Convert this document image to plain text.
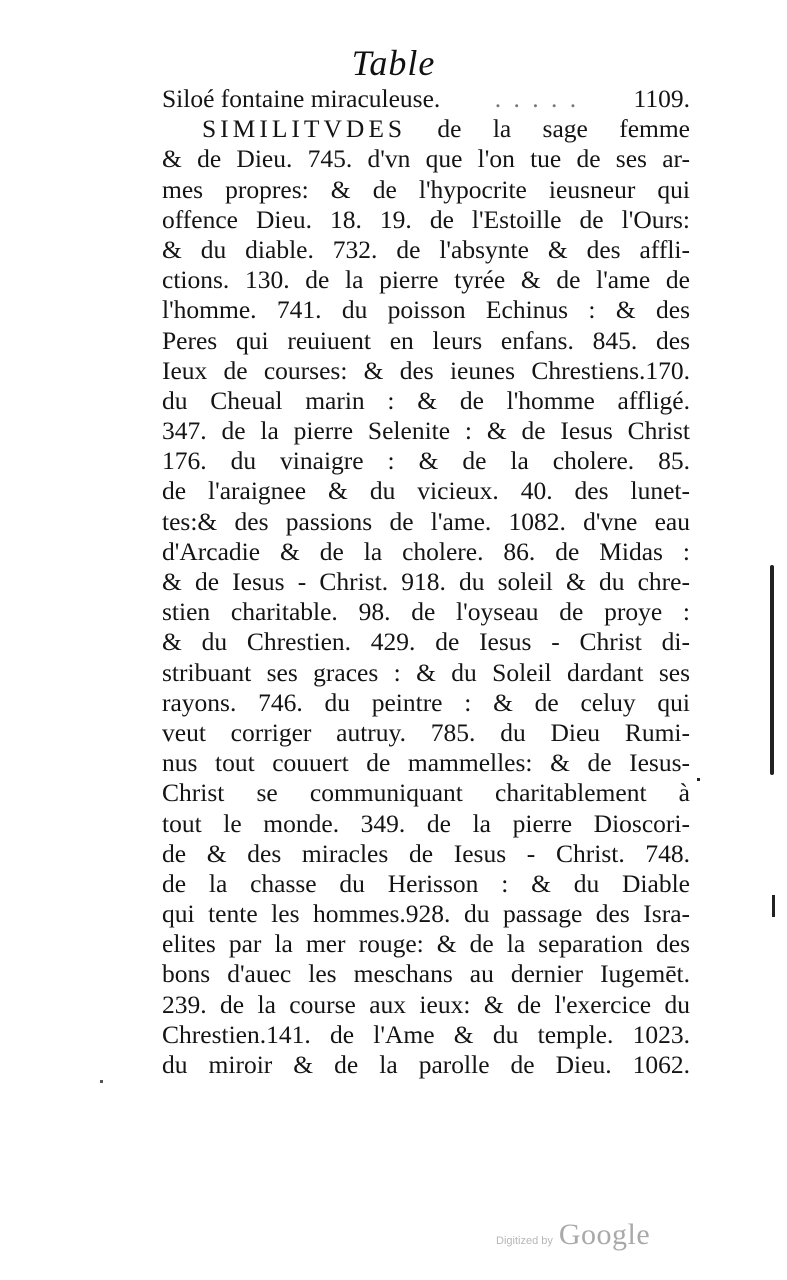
Table
Siloé fontaine miraculeuse. . . . . . 1109.
SIMILITVDES de la sage femme
& de Dieu. 745. d'vn que l'on tue de ses ar-
mes propres: & de l'hypocrite ieusneur qui
offence Dieu. 18. 19. de l'Estoille de l'Ours:
& du diable. 732. de l'absynte & des affli-
ctions. 130. de la pierre tyrée & de l'ame de
l'homme. 741. du poisson Echinus : & des
Peres qui reuiuent en leurs enfans. 845. des
Ieux de courses: & des ieunes Chrestiens.170.
du Cheual marin : & de l'homme affligé.
347. de la pierre Selenite : & de Iesus Christ
176. du vinaigre : & de la cholere. 85.
de l'araignee & du vicieux. 40. des lunet-
tes:& des passions de l'ame. 1082. d'vne eau
d'Arcadie & de la cholere. 86. de Midas :
& de Iesus - Christ. 918. du soleil & du chre-
stien charitable. 98. de l'oyseau de proye :
& du Chrestien. 429. de Iesus - Christ di-
stribuant ses graces : & du Soleil dardant ses
rayons. 746. du peintre : & de celuy qui
veut corriger autruy. 785. du Dieu Rumi-
nus tout couuert de mammelles: & de Iesus-
Christ se communiquant charitablement à
tout le monde. 349. de la pierre Dioscori-
de & des miracles de Iesus - Christ. 748.
de la chasse du Herisson : & du Diable
qui tente les hommes.928. du passage des Isra-
elites par la mer rouge: & de la separation des
bons d'auec les meschans au dernier Iugemēt.
239. de la course aux ieux: & de l'exercice du
Chrestien.141. de l'Ame & du temple. 1023.
du miroir & de la parolle de Dieu. 1062.
Digitized by Google
